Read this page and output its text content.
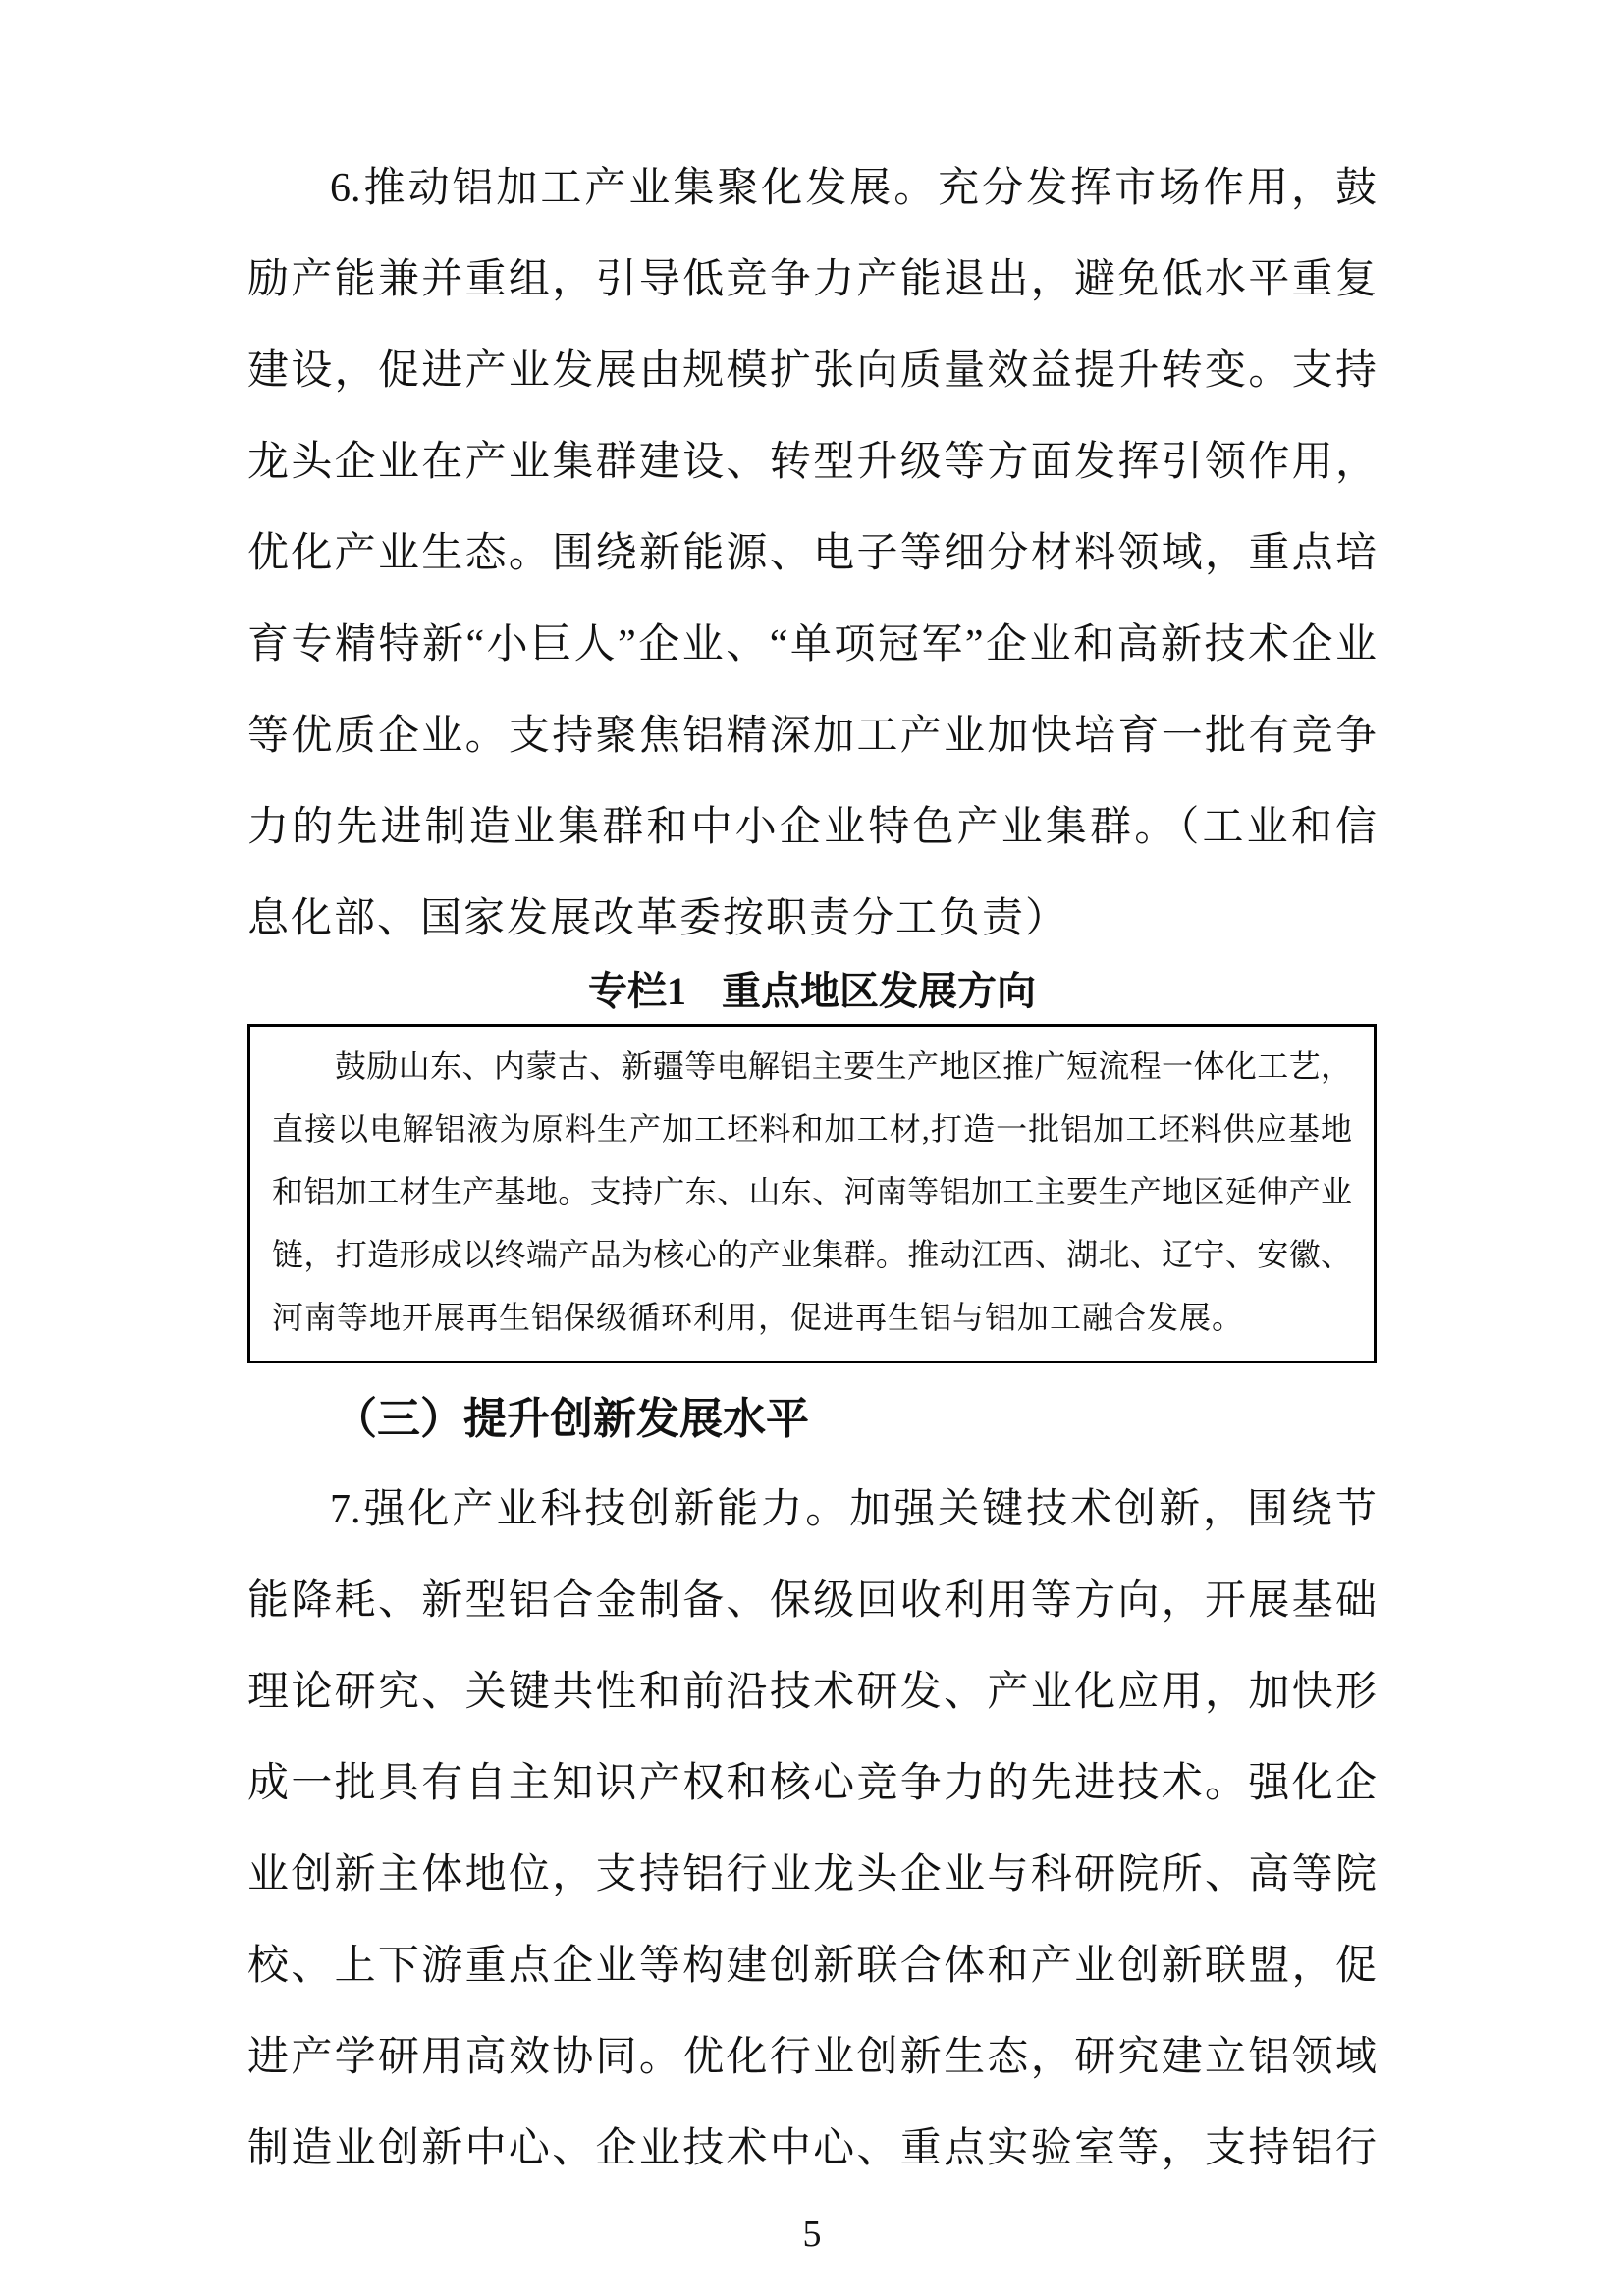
6.推动铝加工产业集聚化发展。充分发挥市场作用，鼓
励产能兼并重组，引导低竞争力产能退出，避免低水平重复
建设，促进产业发展由规模扩张向质量效益提升转变。支持
龙头企业在产业集群建设、转型升级等方面发挥引领作用，
优化产业生态。围绕新能源、电子等细分材料领域，重点培
育专精特新“小巨人”企业、“单项冠军”企业和高新技术企业
等优质企业。支持聚焦铝精深加工产业加快培育一批有竞争
力的先进制造业集群和中小企业特色产业集群。（工业和信
息化部、国家发展改革委按职责分工负责）
专栏1 重点地区发展方向
鼓励山东、内蒙古、新疆等电解铝主要生产地区推广短流程一体化工艺，
直接以电解铝液为原料生产加工坯料和加工材,打造一批铝加工坯料供应基地
和铝加工材生产基地。支持广东、山东、河南等铝加工主要生产地区延伸产业
链，打造形成以终端产品为核心的产业集群。推动江西、湖北、辽宁、安徽、
河南等地开展再生铝保级循环利用，促进再生铝与铝加工融合发展。
（三）提升创新发展水平
7.强化产业科技创新能力。加强关键技术创新，围绕节
能降耗、新型铝合金制备、保级回收利用等方向，开展基础
理论研究、关键共性和前沿技术研发、产业化应用，加快形
成一批具有自主知识产权和核心竞争力的先进技术。强化企
业创新主体地位，支持铝行业龙头企业与科研院所、高等院
校、上下游重点企业等构建创新联合体和产业创新联盟，促
进产学研用高效协同。优化行业创新生态，研究建立铝领域
制造业创新中心、企业技术中心、重点实验室等，支持铝行
5
